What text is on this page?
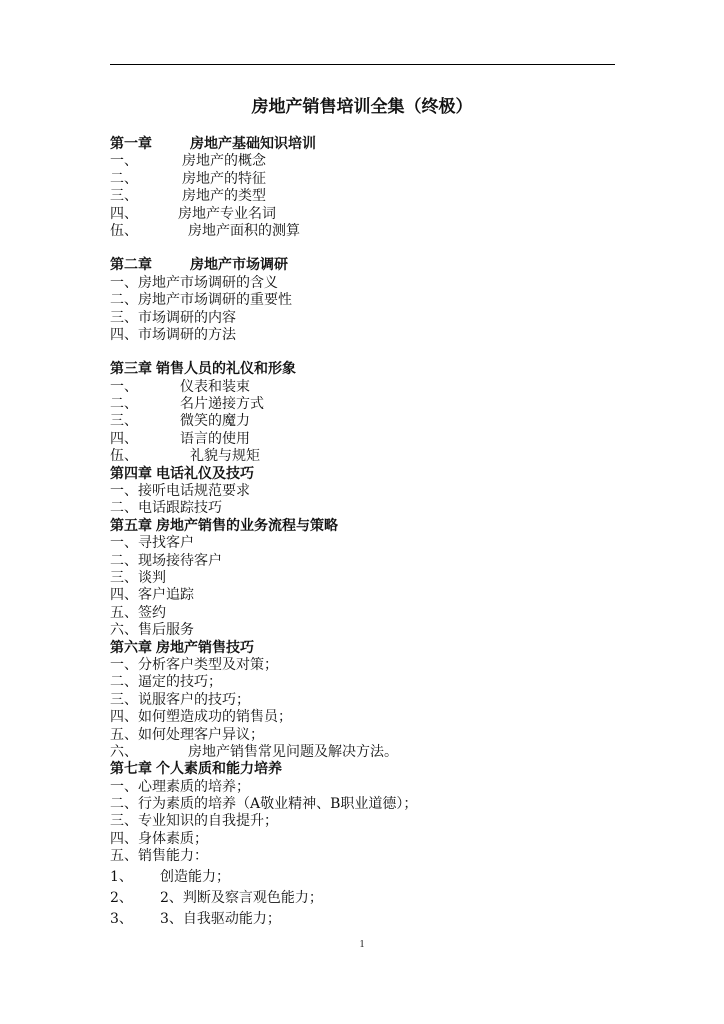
房地产销售培训全集（终极）
第一章	房地产基础知识培训
一、	房地产的概念
二、	房地产的特征
三、	房地产的类型
四、	房地产专业名词
伍、	房地产面积的测算
第二章	房地产市场调研
一、房地产市场调研的含义
二、房地产市场调研的重要性
三、市场调研的内容
四、市场调研的方法
第三章 销售人员的礼仪和形象
一、	仪表和装束
二、	名片递接方式
三、	微笑的魔力
四、	语言的使用
伍、	礼貌与规矩
第四章 电话礼仪及技巧
一、接听电话规范要求
二、电话跟踪技巧
第五章 房地产销售的业务流程与策略
一、寻找客户
二、现场接待客户
三、谈判
四、客户追踪
五、签约
六、售后服务
第六章 房地产销售技巧
一、分析客户类型及对策；
二、逼定的技巧；
三、说服客户的技巧；
四、如何塑造成功的销售员；
五、如何处理客户异议；
六、	房地产销售常见问题及解决方法。
第七章 个人素质和能力培养
一、心理素质的培养；
二、行为素质的培养（A敬业精神、B职业道德）；
三、专业知识的自我提升；
四、身体素质；
五、销售能力：
1、 创造能力；
2、 2、判断及察言观色能力；
3、 3、自我驱动能力；
1
